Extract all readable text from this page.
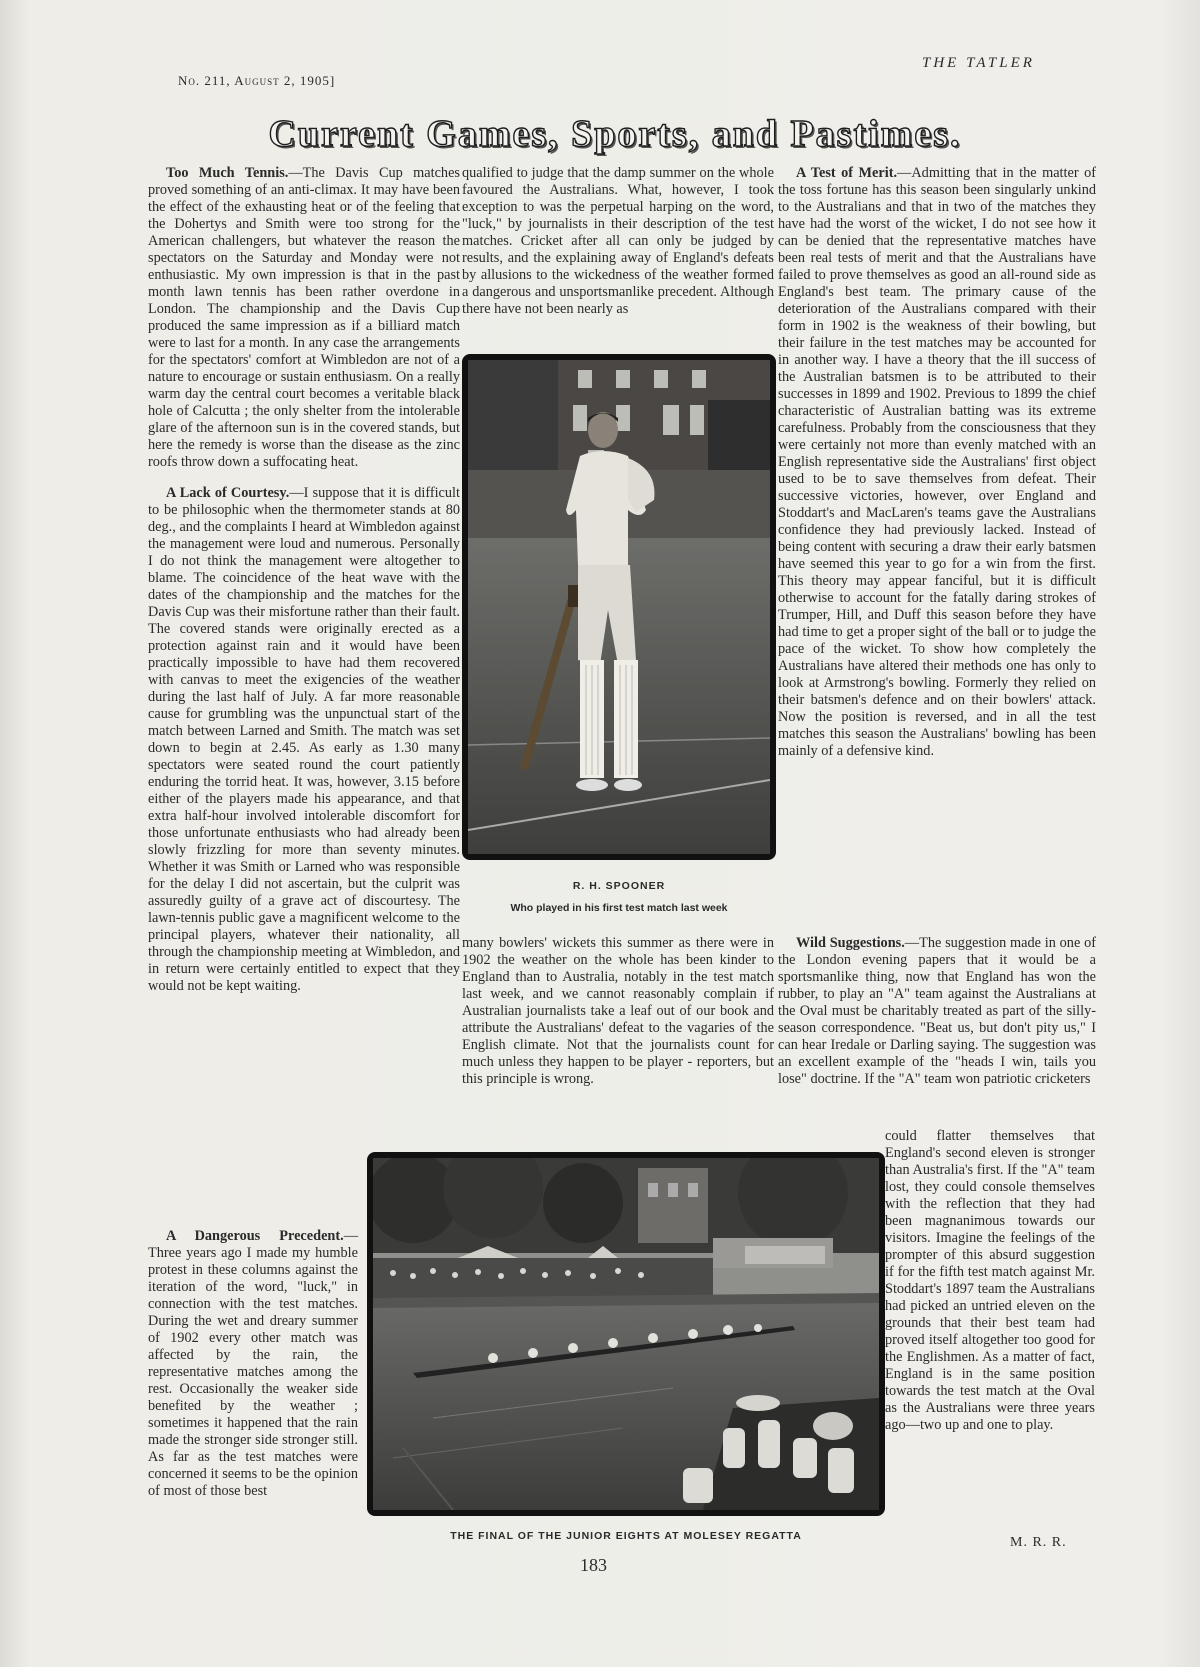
No. 211, August 2, 1905]
THE TATLER
Current Games, Sports, and Pastimes.

Too Much Tennis.—The Davis Cup matches proved something of an anti-climax. It may have been the effect of the exhausting heat or of the feeling that the Dohertys and Smith were too strong for the American challengers, but whatever the reason the spectators on the Saturday and Monday were not enthusiastic. My own impression is that in the past month lawn tennis has been rather overdone in London. The championship and the Davis Cup produced the same impression as if a billiard match were to last for a month. In any case the arrangements for the spectators' comfort at Wimbledon are not of a nature to encourage or sustain enthusiasm. On a really warm day the central court becomes a veritable black hole of Calcutta ; the only shelter from the intolerable glare of the afternoon sun is in the covered stands, but here the remedy is worse than the disease as the zinc roofs throw down a suffocating heat.

A Lack of Courtesy.—I suppose that it is difficult to be philosophic when the thermometer stands at 80 deg., and the complaints I heard at Wimbledon against the management were loud and numerous. Personally I do not think the management were altogether to blame. The coincidence of the heat wave with the dates of the championship and the matches for the Davis Cup was their misfortune rather than their fault. The covered stands were originally erected as a protection against rain and it would have been practically impossible to have had them recovered with canvas to meet the exigencies of the weather during the last half of July. A far more reasonable cause for grumbling was the unpunctual start of the match between Larned and Smith. The match was set down to begin at 2.45. As early as 1.30 many spectators were seated round the court patiently enduring the torrid heat. It was, however, 3.15 before either of the players made his appearance, and that extra half-hour involved intolerable discomfort for those unfortunate enthusiasts who had already been slowly frizzling for more than seventy minutes. Whether it was Smith or Larned who was responsible for the delay I did not ascertain, but the culprit was assuredly guilty of a grave act of discourtesy. The lawn-tennis public gave a magnificent welcome to the principal players, whatever their nationality, all through the championship meeting at Wimbledon, and in return were certainly entitled to expect that they would not be kept waiting.

A Dangerous Precedent.—Three years ago I made my humble protest in these columns against the iteration of the word, "luck," in connection with the test matches. During the wet and dreary summer of 1902 every other match was affected by the rain, the representative matches among the rest. Occasionally the weaker side benefited by the weather ; sometimes it happened that the rain made the stronger side stronger still. As far as the test matches were concerned it seems to be the opinion of most of those best

qualified to judge that the damp summer on the whole favoured the Australians. What, however, I took exception to was the perpetual harping on the word, "luck," by journalists in their description of the test matches. Cricket after all can only be judged by results, and the explaining away of England's defeats by allusions to the wickedness of the weather formed a dangerous and unsportsmanlike precedent. Although there have not been nearly as

R. H. SPOONER
Who played in his first test match last week

many bowlers' wickets this summer as there were in 1902 the weather on the whole has been kinder to England than to Australia, notably in the test match last week, and we cannot reasonably complain if Australian journalists take a leaf out of our book and attribute the Australians' defeat to the vagaries of the English climate. Not that the journalists count for much unless they happen to be player - reporters, but this principle is wrong.

A Test of Merit.—Admitting that in the matter of the toss fortune has this season been singularly unkind to the Australians and that in two of the matches they have had the worst of the wicket, I do not see how it can be denied that the representative matches have been real tests of merit and that the Australians have failed to prove themselves as good an all-round side as England's best team. The primary cause of the deterioration of the Australians compared with their form in 1902 is the weakness of their bowling, but their failure in the test matches may be accounted for in another way. I have a theory that the ill success of the Australian batsmen is to be attributed to their successes in 1899 and 1902. Previous to 1899 the chief characteristic of Australian batting was its extreme carefulness. Probably from the consciousness that they were certainly not more than evenly matched with an English representative side the Australians' first object used to be to save themselves from defeat. Their successive victories, however, over England and Stoddart's and MacLaren's teams gave the Australians confidence they had previously lacked. Instead of being content with securing a draw their early batsmen have seemed this year to go for a win from the first. This theory may appear fanciful, but it is difficult otherwise to account for the fatally daring strokes of Trumper, Hill, and Duff this season before they have had time to get a proper sight of the ball or to judge the pace of the wicket. To show how completely the Australians have altered their methods one has only to look at Armstrong's bowling. Formerly they relied on their batsmen's defence and on their bowlers' attack. Now the position is reversed, and in all the test matches this season the Australians' bowling has been mainly of a defensive kind.

Wild Suggestions.—The suggestion made in one of the London evening papers that it would be a sportsmanlike thing, now that England has won the rubber, to play an "A" team against the Australians at the Oval must be charitably treated as part of the silly-season correspondence. "Beat us, but don't pity us," I can hear Iredale or Darling saying. The suggestion was an excellent example of the "heads I win, tails you lose" doctrine. If the "A" team won patriotic cricketers

could flatter themselves that England's second eleven is stronger than Australia's first. If the "A" team lost, they could console themselves with the reflection that they had been magnanimous towards our visitors. Imagine the feelings of the prompter of this absurd suggestion if for the fifth test match against Mr. Stoddart's 1897 team the Australians had picked an untried eleven on the grounds that their best team had proved itself altogether too good for the Englishmen. As a matter of fact, England is in the same position towards the test match at the Oval as the Australians were three years ago—two up and one to play.

M. R. R.
THE FINAL OF THE JUNIOR EIGHTS AT MOLESEY REGATTA
183
